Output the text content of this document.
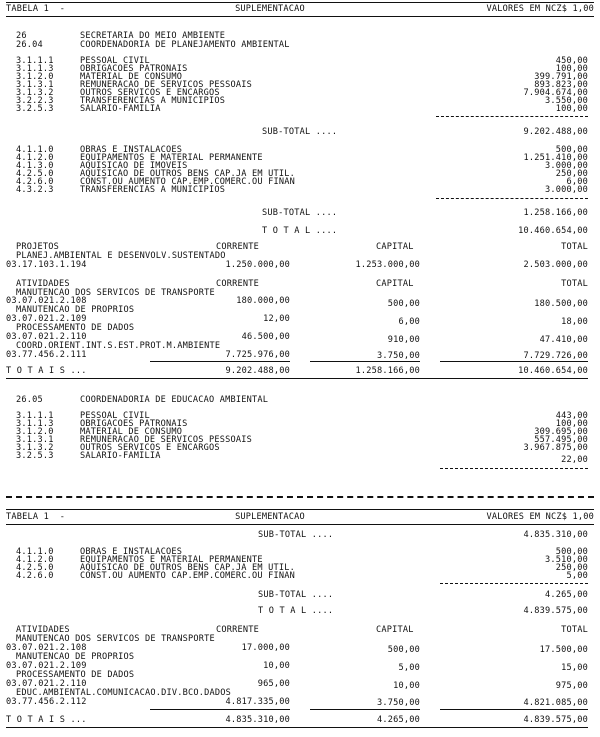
TABELA 1  -	SUPLEMENTACAO	VALORES EM NCZ$ 1,00
26	SECRETARIA DO MEIO AMBIENTE
26.04	COORDENADORIA DE PLANEJAMENTO AMBIENTAL
3.1.1.1	PESSOAL CIVIL	450,00
3.1.1.3	OBRIGACOES PATRONAIS	100,00
3.1.2.0	MATERIAL DE CONSUMO	399.791,00
3.1.3.1	REMUNERACAO DE SERVICOS PESSOAIS	893.823,00
3.1.3.2	OUTROS SERVICOS E ENCARGOS	7.904.674,00
3.2.2.3	TRANSFERENCIAS A MUNICIPIOS	3.550,00
3.2.5.3	SALARIO-FAMILIA	100,00
SUB-TOTAL ....	9.202.488,00
4.1.1.0	OBRAS E INSTALACOES	500,00
4.1.2.0	EQUIPAMENTOS E MATERIAL PERMANENTE	1.251.410,00
4.1.3.0	AQUISICAO DE IMOVEIS	3.000,00
4.2.5.0	AQUISICAO DE OUTROS BENS CAP.JA EM UTIL.	250,00
4.2.6.0	CONST.OU AUMENTO CAP.EMP.COMERC.OU FINAN	6,00
4.3.2.3	TRANSFERENCIAS A MUNICIPIOS	3.000,00
SUB-TOTAL ....	1.258.166,00
T O T A L ....	10.460.654,00
PROJETOS	CORRENTE	CAPITAL	TOTAL
PLANEJ.AMBIENTAL E DESENVOLV.SUSTENTADO
03.17.103.1.194	1.250.000,00	1.253.000,00	2.503.000,00
ATIVIDADES	CORRENTE	CAPITAL	TOTAL
MANUTENCAO DOS SERVICOS DE TRANSPORTE
03.07.021.2.108	180.000,00	500,00	180.500,00
MANUTENCAO DE PROPRIOS
03.07.021.2.109	12,00	6,00	18,00
PROCESSAMENTO DE DADOS
03.07.021.2.110	46.500,00	910,00	47.410,00
COORD.ORIENT.INT.S.EST.PROT.M.AMBIENTE
03.77.456.2.111	7.725.976,00	3.750,00	7.729.726,00
T O T A I S ...	9.202.488,00	1.258.166,00	10.460.654,00
26.05	COORDENADORIA DE EDUCACAO AMBIENTAL
3.1.1.1	PESSOAL CIVIL	443,00
3.1.1.3	OBRIGACOES PATRONAIS	100,00
3.1.2.0	MATERIAL DE CONSUMO	309.695,00
3.1.3.1	REMUNERACAO DE SERVICOS PESSOAIS	557.495,00
3.1.3.2	OUTROS SERVICOS E ENCARGOS	3.967.875,00
3.2.5.3	SALARIO-FAMILIA	22,00
TABELA 1  -	SUPLEMENTACAO	VALORES EM NCZ$ 1,00
SUB-TOTAL ....	4.835.310,00
4.1.1.0	OBRAS E INSTALACOES	500,00
4.1.2.0	EQUIPAMENTOS E MATERIAL PERMANENTE	3.510,00
4.2.5.0	AQUISICAO DE OUTROS BENS CAP.JA EM UTIL.	250,00
4.2.6.0	CONST.OU AUMENTO CAP.EMP.COMERC.OU FINAN	5,00
SUB-TOTAL ....	4.265,00
T O T A L ....	4.839.575,00
ATIVIDADES	CORRENTE	CAPITAL	TOTAL
MANUTENCAO DOS SERVICOS DE TRANSPORTE
03.07.021.2.108	17.000,00	500,00	17.500,00
MANUTENCAO DE PROPRIOS
03.07.021.2.109	10,00	5,00	15,00
PROCESSAMENTO DE DADOS
03.07.021.2.110	965,00	10,00	975,00
EDUC.AMBIENTAL.COMUNICACAO.DIV.BCO.DADOS
03.77.456.2.112	4.817.335,00	3.750,00	4.821.085,00
T O T A I S ...	4.835.310,00	4.265,00	4.839.575,00
